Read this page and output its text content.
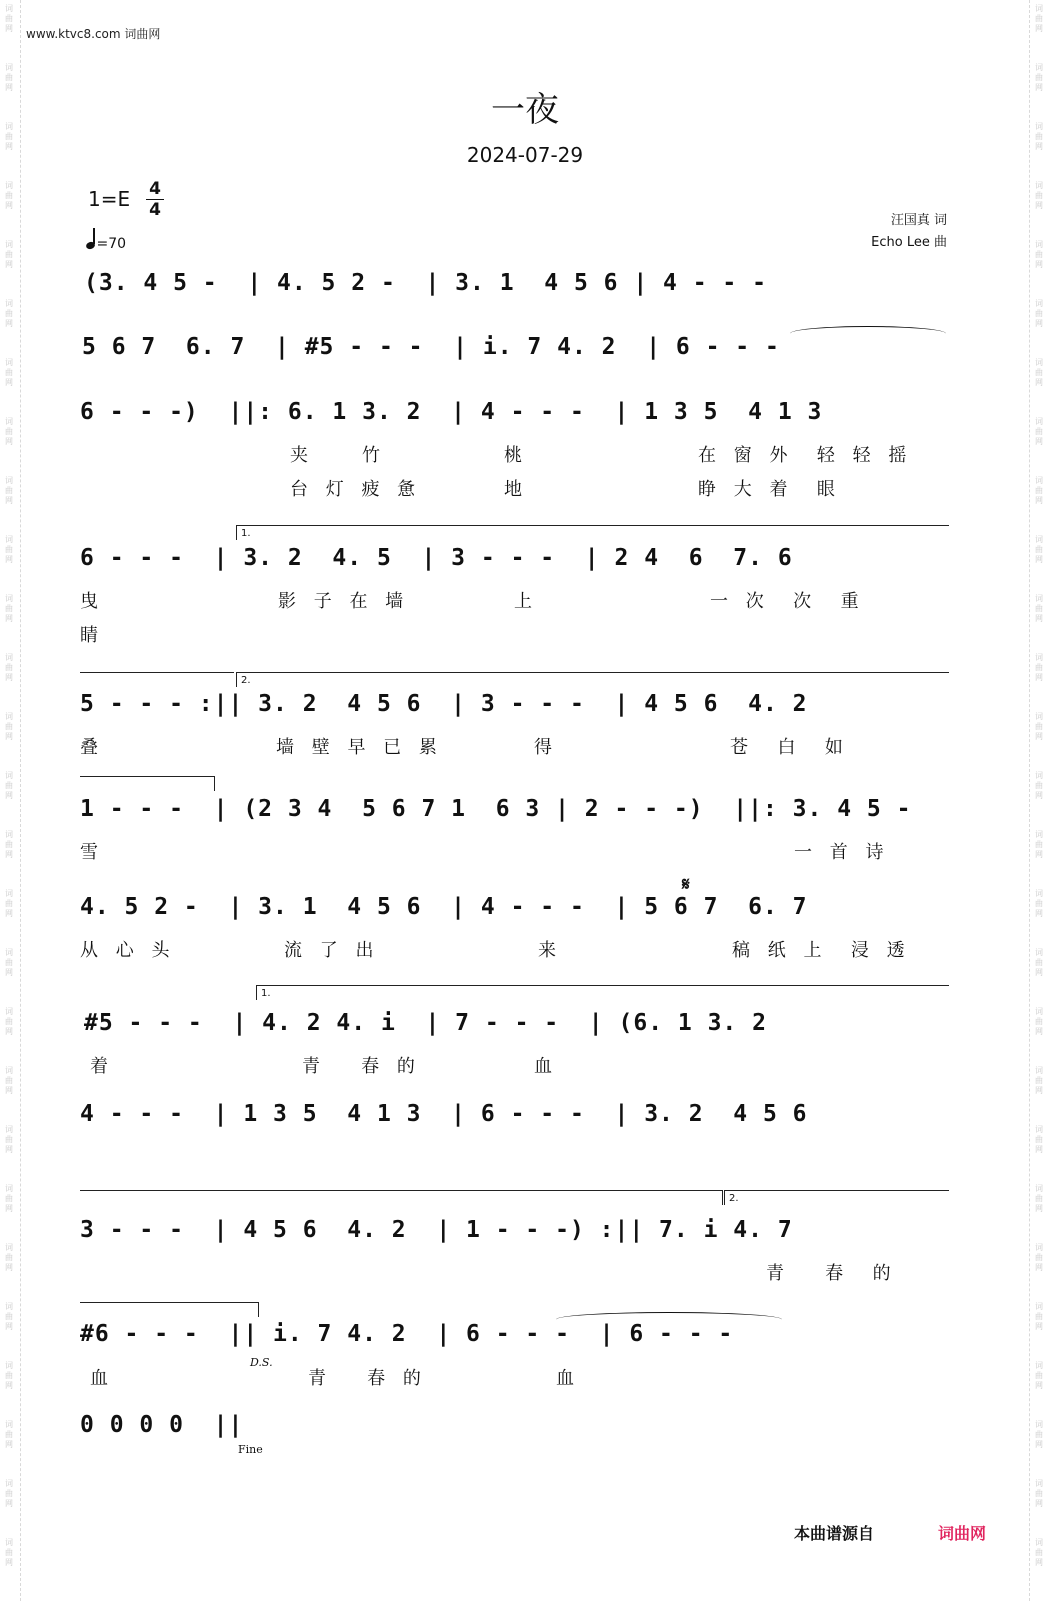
词
曲
网
词
曲
网
词
曲
网
词
曲
网
词
曲
网
词
曲
网
词
曲
网
词
曲
网
词
曲
网
词
曲
网
词
曲
网
词
曲
网
词
曲
网
词
曲
网
词
曲
网
词
曲
网
词
曲
网
词
曲
网
词
曲
网
词
曲
网
词
曲
网
词
曲
网
词
曲
网
词
曲
网
词
曲
网
词
曲
网
词
曲
网
词
曲
网
词
曲
网
词
曲
网
词
曲
网
词
曲
网
词
曲
网
词
曲
网
词
曲
网
词
曲
网
词
曲
网
词
曲
网
词
曲
网
词
曲
网
词
曲
网
词
曲
网
词
曲
网
词
曲
网
词
曲
网
词
曲
网
词
曲
网
词
曲
网
词
曲
网
词
曲
网
词
曲
网
词
曲
网
词
曲
网
词
曲
网
www.ktvc8.com 词曲网
一夜
2024-07-29
1=E 4
4
=70
汪国真 词
Echo Lee 曲
(3. 4 5 -  | 4. 5 2 -  | 3. 1  4 5 6 | 4 - - -
5 6 7  6. 7  | #5 - - -  | i. 7 4. 2  | 6 - - -
6 - - -)  ||: 6. 1 3. 2  | 4 - - -  | 1 3 5  4 1 3
夹	竹	桃	在 窗 外  轻 轻 摇
台 灯 疲 惫	地	睁 大 着  眼
1.
6 - - -  | 3. 2  4. 5  | 3 - - -  | 2 4  6  7. 6
曳	影 子 在 墙	上	一 次  次  重
睛
2.
5 - - - :|| 3. 2  4 5 6  | 3 - - -  | 4 5 6  4. 2
叠	墙 壁 早 已 累	得	苍  白  如
1 - - -  | (2 3 4  5 6 7 1  6 3 | 2 - - -)  ||: 3. 4 5 -
雪	一 首 诗
𝄋
4. 5 2 -  | 3. 1  4 5 6  | 4 - - -  | 5 6 7  6. 7
从 心 头	流 了 出	来	稿 纸 上  浸 透
1.
#5 - - -  | 4. 2 4. i  | 7 - - -  | (6. 1 3. 2
着	青   春 的	血
4 - - -  | 1 3 5  4 1 3  | 6 - - -  | 3. 2  4 5 6
2.
3 - - -  | 4 5 6  4. 2  | 1 - - -) :|| 7. i 4. 7
青   春  的
#6 - - -  || i. 7 4. 2  | 6 - - -  | 6 - - -
D.S.
血	青   春 的	血
0 0 0 0  ||
Fine
本曲谱源自	词曲网
